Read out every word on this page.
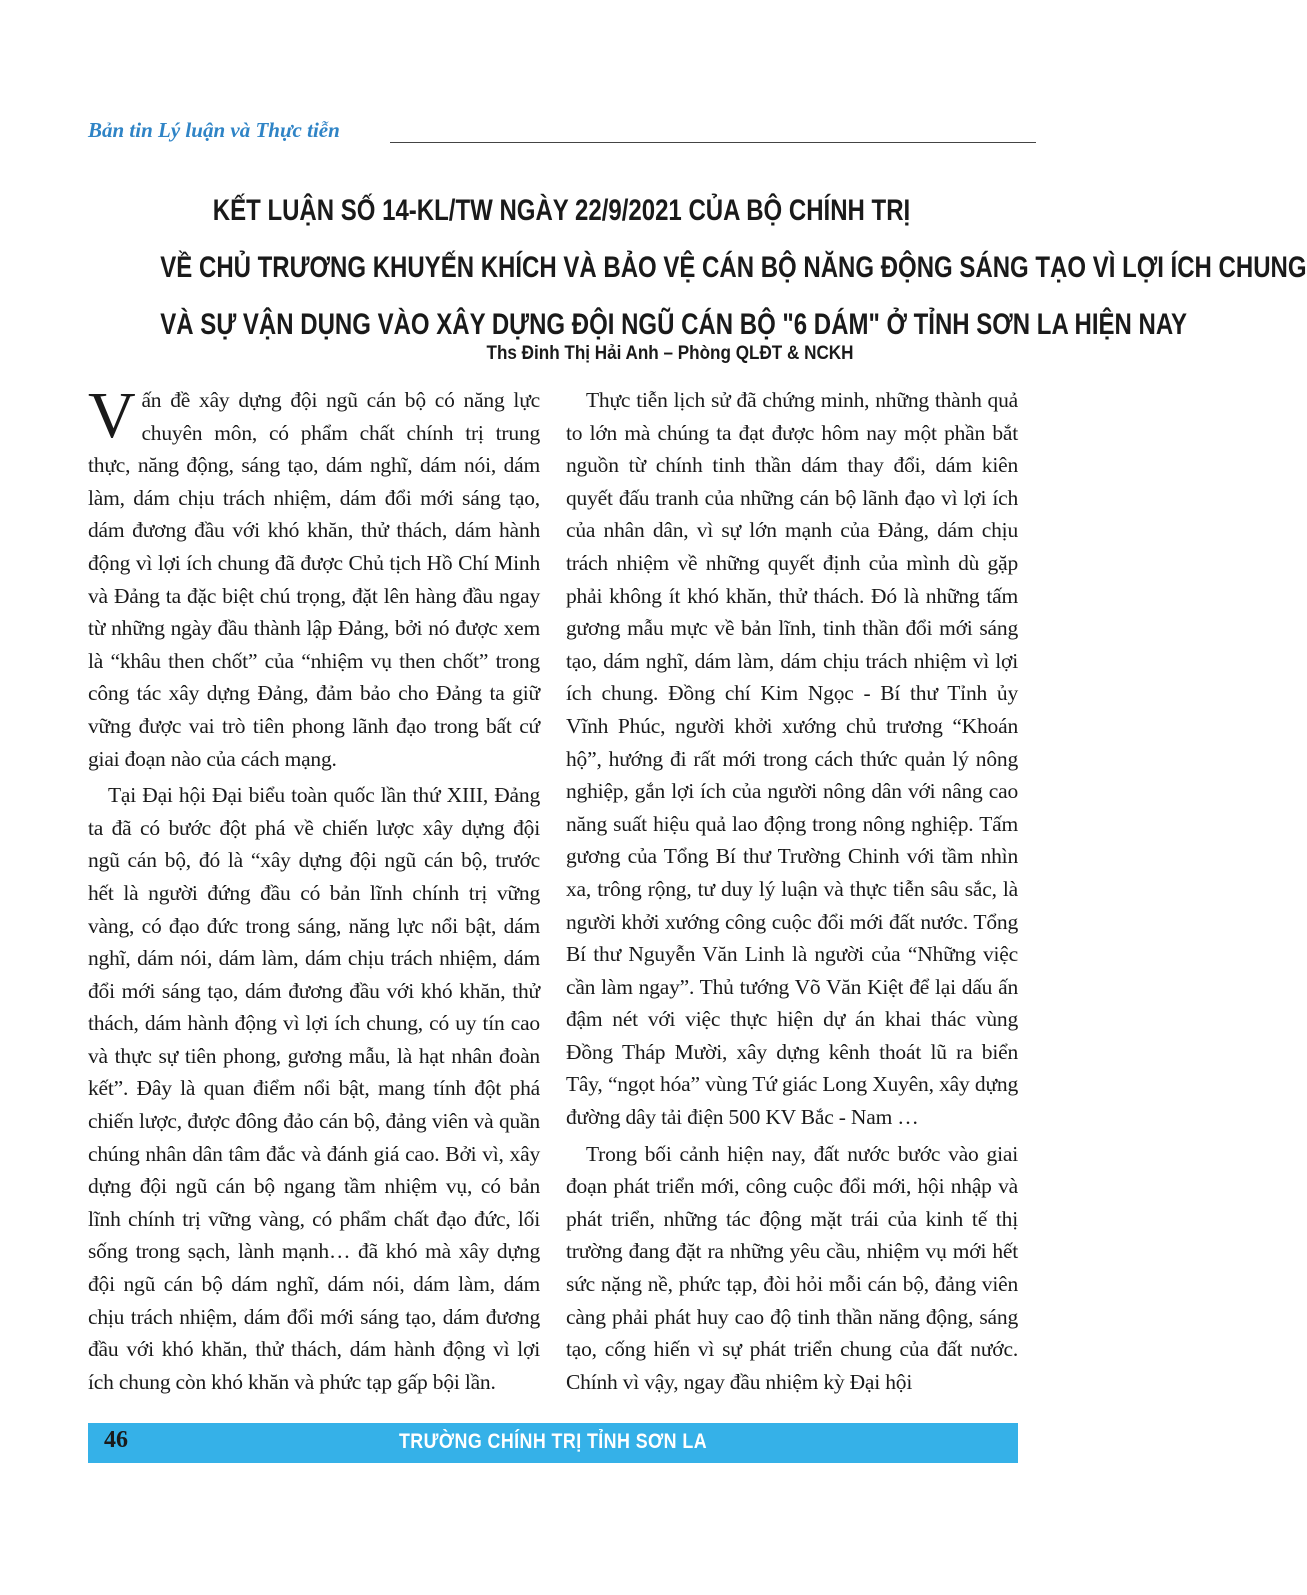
Bản tin Lý luận và Thực tiễn
KẾT LUẬN SỐ 14-KL/TW NGÀY 22/9/2021 CỦA BỘ CHÍNH TRỊ
VỀ CHỦ TRƯƠNG KHUYẾN KHÍCH VÀ BẢO VỆ CÁN BỘ NĂNG ĐỘNG SÁNG TẠO VÌ LỢI ÍCH CHUNG
VÀ SỰ VẬN DỤNG VÀO XÂY DỰNG ĐỘI NGŨ CÁN BỘ "6 DÁM" Ở TỈNH SƠN LA HIỆN NAY
Ths Đinh Thị Hải Anh – Phòng QLĐT & NCKH

Vấn đề xây dựng đội ngũ cán bộ có năng lực chuyên môn, có phẩm chất chính trị trung thực, năng động, sáng tạo, dám nghĩ, dám nói, dám làm, dám chịu trách nhiệm, dám đổi mới sáng tạo, dám đương đầu với khó khăn, thử thách, dám hành động vì lợi ích chung đã được Chủ tịch Hồ Chí Minh và Đảng ta đặc biệt chú trọng, đặt lên hàng đầu ngay từ những ngày đầu thành lập Đảng, bởi nó được xem là “khâu then chốt” của “nhiệm vụ then chốt” trong công tác xây dựng Đảng, đảm bảo cho Đảng ta giữ vững được vai trò tiên phong lãnh đạo trong bất cứ giai đoạn nào của cách mạng.

Tại Đại hội Đại biểu toàn quốc lần thứ XIII, Đảng ta đã có bước đột phá về chiến lược xây dựng đội ngũ cán bộ, đó là “xây dựng đội ngũ cán bộ, trước hết là người đứng đầu có bản lĩnh chính trị vững vàng, có đạo đức trong sáng, năng lực nổi bật, dám nghĩ, dám nói, dám làm, dám chịu trách nhiệm, dám đổi mới sáng tạo, dám đương đầu với khó khăn, thử thách, dám hành động vì lợi ích chung, có uy tín cao và thực sự tiên phong, gương mẫu, là hạt nhân đoàn kết”. Đây là quan điểm nổi bật, mang tính đột phá chiến lược, được đông đảo cán bộ, đảng viên và quần chúng nhân dân tâm đắc và đánh giá cao. Bởi vì, xây dựng đội ngũ cán bộ ngang tầm nhiệm vụ, có bản lĩnh chính trị vững vàng, có phẩm chất đạo đức, lối sống trong sạch, lành mạnh… đã khó mà xây dựng đội ngũ cán bộ dám nghĩ, dám nói, dám làm, dám chịu trách nhiệm, dám đổi mới sáng tạo, dám đương đầu với khó khăn, thử thách, dám hành động vì lợi ích chung còn khó khăn và phức tạp gấp bội lần.

Thực tiễn lịch sử đã chứng minh, những thành quả to lớn mà chúng ta đạt được hôm nay một phần bắt nguồn từ chính tinh thần dám thay đổi, dám kiên quyết đấu tranh của những cán bộ lãnh đạo vì lợi ích của nhân dân, vì sự lớn mạnh của Đảng, dám chịu trách nhiệm về những quyết định của mình dù gặp phải không ít khó khăn, thử thách. Đó là những tấm gương mẫu mực về bản lĩnh, tinh thần đổi mới sáng tạo, dám nghĩ, dám làm, dám chịu trách nhiệm vì lợi ích chung. Đồng chí Kim Ngọc - Bí thư Tỉnh ủy Vĩnh Phúc, người khởi xướng chủ trương “Khoán hộ”, hướng đi rất mới trong cách thức quản lý nông nghiệp, gắn lợi ích của người nông dân với nâng cao năng suất hiệu quả lao động trong nông nghiệp. Tấm gương của Tổng Bí thư Trường Chinh với tầm nhìn xa, trông rộng, tư duy lý luận và thực tiễn sâu sắc, là người khởi xướng công cuộc đổi mới đất nước. Tổng Bí thư Nguyễn Văn Linh là người của “Những việc cần làm ngay”. Thủ tướng Võ Văn Kiệt để lại dấu ấn đậm nét với việc thực hiện dự án khai thác vùng Đồng Tháp Mười, xây dựng kênh thoát lũ ra biển Tây, “ngọt hóa” vùng Tứ giác Long Xuyên, xây dựng đường dây tải điện 500 KV Bắc - Nam …

Trong bối cảnh hiện nay, đất nước bước vào giai đoạn phát triển mới, công cuộc đổi mới, hội nhập và phát triển, những tác động mặt trái của kinh tế thị trường đang đặt ra những yêu cầu, nhiệm vụ mới hết sức nặng nề, phức tạp, đòi hỏi mỗi cán bộ, đảng viên càng phải phát huy cao độ tinh thần năng động, sáng tạo, cống hiến vì sự phát triển chung của đất nước. Chính vì vậy, ngay đầu nhiệm kỳ Đại hội

46	TRƯỜNG CHÍNH TRỊ TỈNH SƠN LA
